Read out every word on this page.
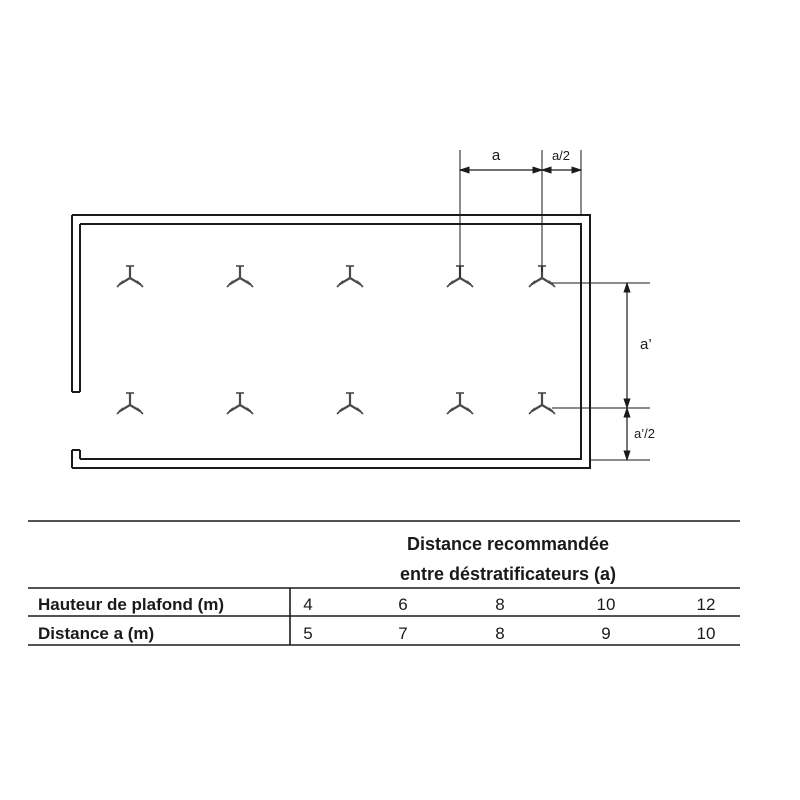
a	a/2
a’
a’/2
Distance recommandée
entre déstratificateurs (a)
Hauteur de plafond (m)	4	6	8	10	12
Distance a (m)	5	7	8	9	10
